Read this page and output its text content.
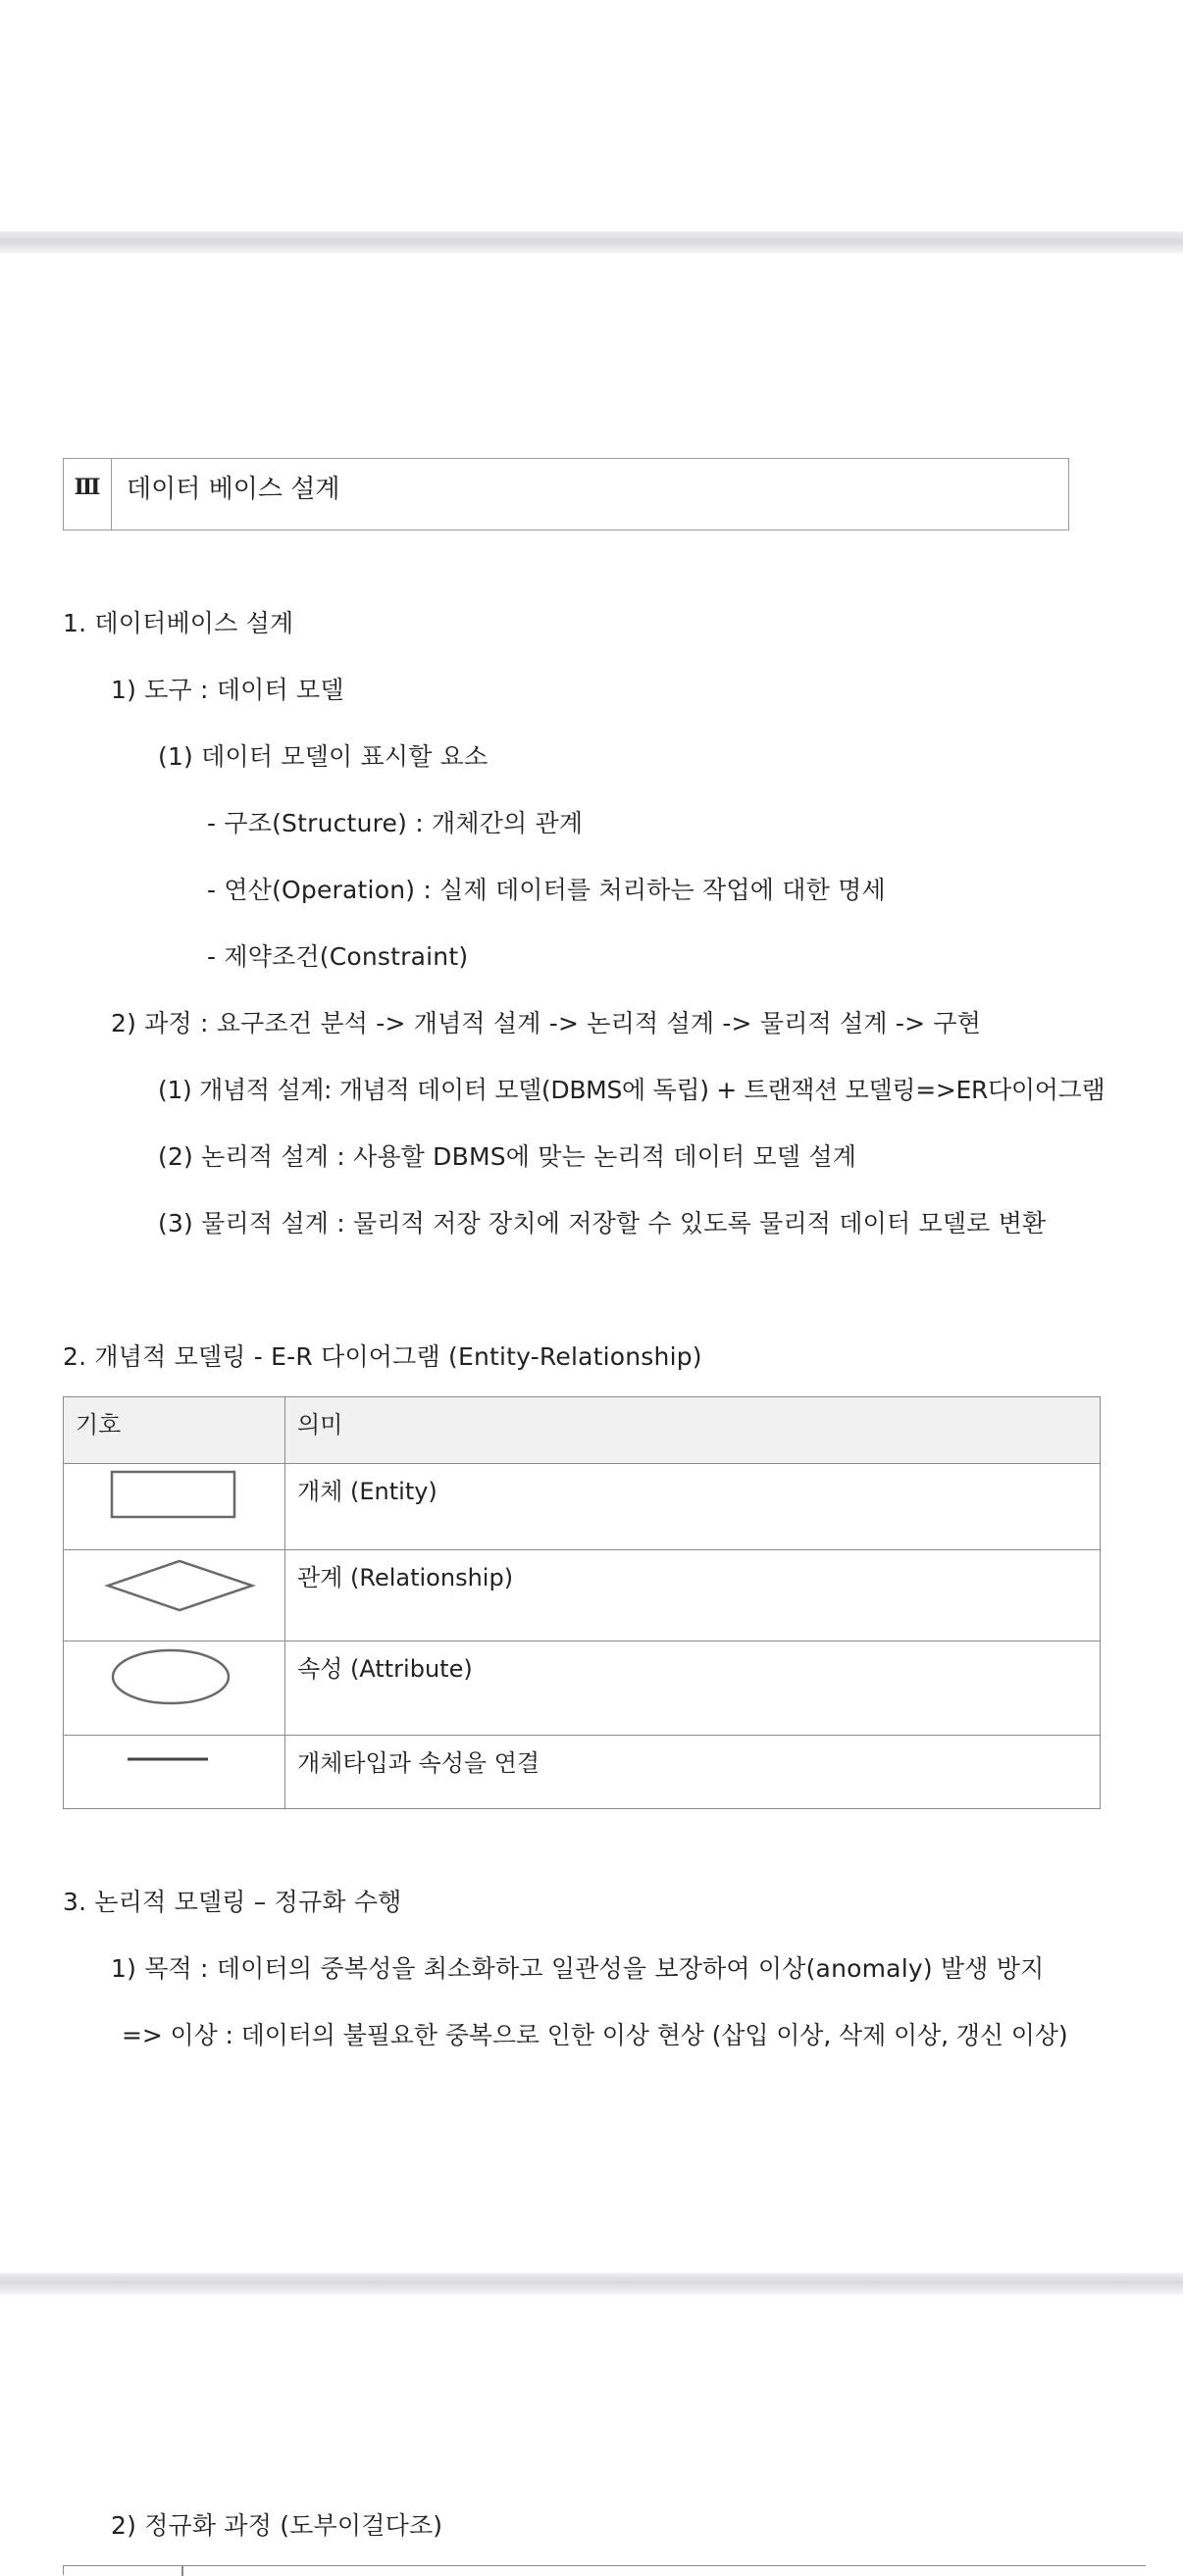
Ⅲ	데이터 베이스 설계
1. 데이터베이스 설계
1) 도구 : 데이터 모델
(1) 데이터 모델이 표시할 요소
- 구조(Structure) : 개체간의 관계
- 연산(Operation) : 실제 데이터를 처리하는 작업에 대한 명세
- 제약조건(Constraint)
2) 과정 : 요구조건 분석 -> 개념적 설계 -> 논리적 설계 -> 물리적 설계 -> 구현
(1) 개념적 설계: 개념적 데이터 모델(DBMS에 독립) + 트랜잭션 모델링=>ER다이어그램
(2) 논리적 설계 : 사용할 DBMS에 맞는 논리적 데이터 모델 설계
(3) 물리적 설계 : 물리적 저장 장치에 저장할 수 있도록 물리적 데이터 모델로 변환
2. 개념적 모델링 - E-R 다이어그램 (Entity-Relationship)
기호	의미

개체 (Entity)

관계 (Relationship)

속성 (Attribute)

개체타입과 속성을 연결
3. 논리적 모델링 – 정규화 수행
1) 목적 : 데이터의 중복성을 최소화하고 일관성을 보장하여 이상(anomaly) 발생 방지
=> 이상 : 데이터의 불필요한 중복으로 인한 이상 현상 (삽입 이상, 삭제 이상, 갱신 이상)
2) 정규화 과정 (도부이걸다조)
